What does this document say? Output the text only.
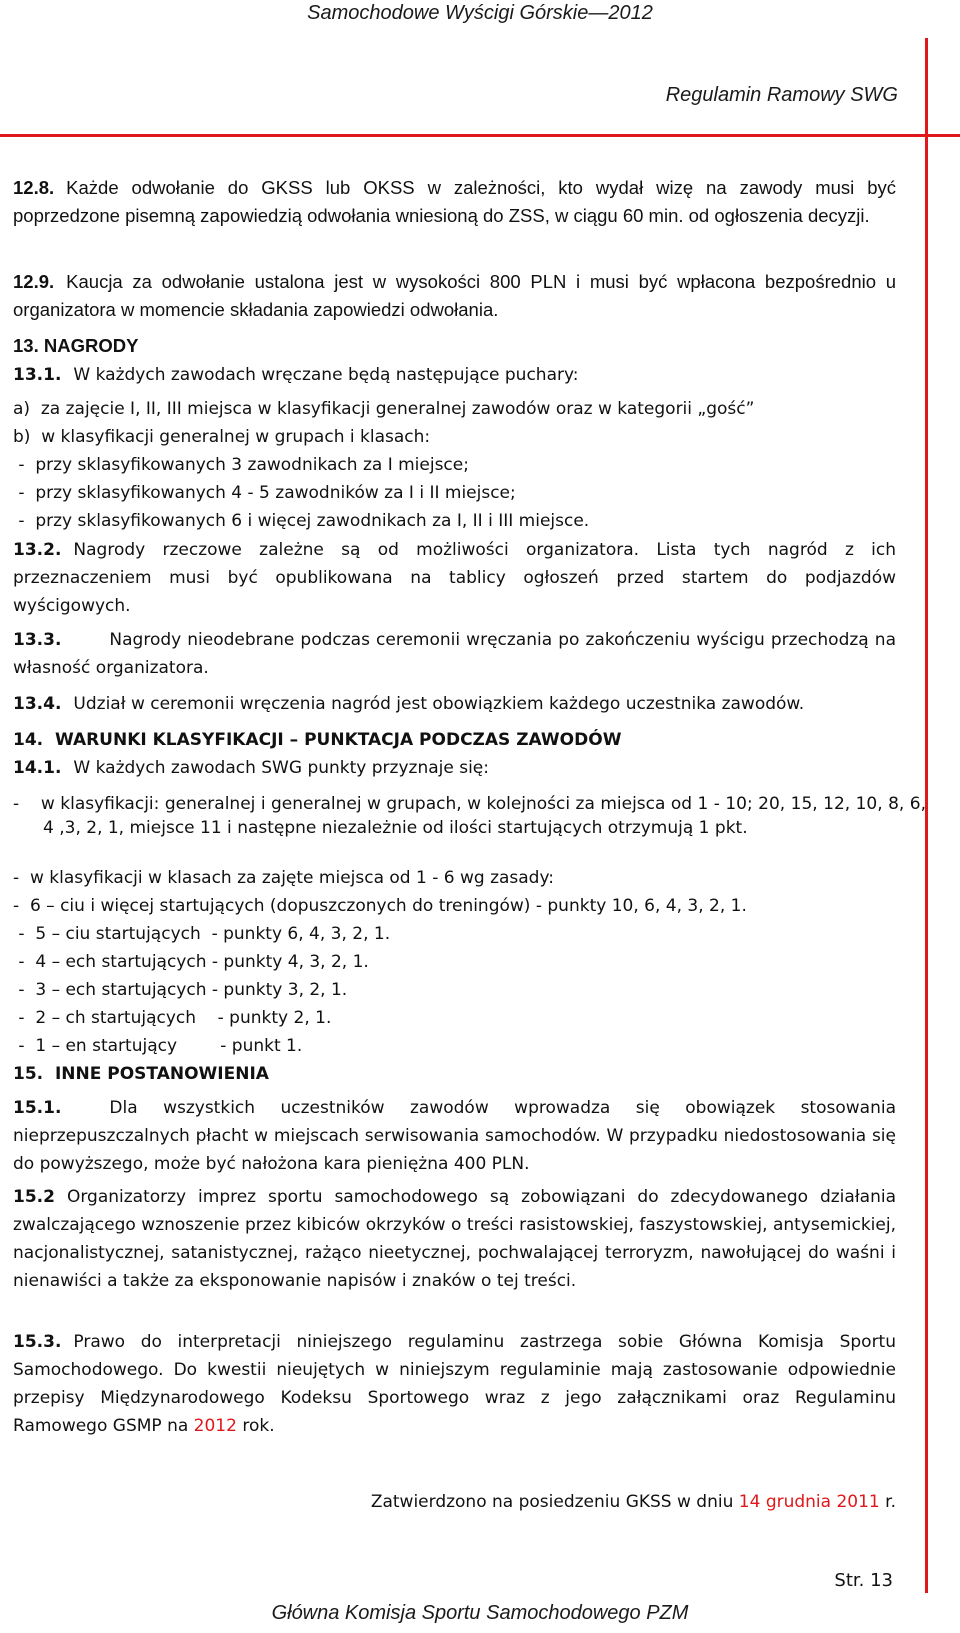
Samochodowe Wyścigi Górskie—2012
Regulamin Ramowy SWG

12.8. Każde odwołanie do GKSS lub OKSS w zależności, kto wydał wizę na zawody musi być poprzedzone pisemną zapowiedzią odwołania wniesioną do ZSS, w ciągu 60 min. od ogłoszenia decyzji.

12.9. Kaucja za odwołanie ustalona jest w wysokości 800 PLN i musi być wpłacona bezpośrednio u organizatora w momencie składania zapowiedzi odwołania.

13. NAGRODY

13.1. W każdych zawodach wręczane będą następujące puchary:

a)  za zajęcie I, II, III miejsca w klasyfikacji generalnej zawodów oraz w kategorii „gość”

b)  w klasyfikacji generalnej w grupach i klasach:

-  przy sklasyfikowanych 3 zawodnikach za I miejsce;

-  przy sklasyfikowanych 4 - 5 zawodników za I i II miejsce;

-  przy sklasyfikowanych 6 i więcej zawodnikach za I, II i III miejsce.

13.2. Nagrody rzeczowe zależne są od możliwości organizatora. Lista tych nagród z ich przeznaczeniem musi być opublikowana na tablicy ogłoszeń przed startem do podjazdów wyścigowych.

13.3.	Nagrody nieodebrane podczas ceremonii wręczania po zakończeniu wyścigu przechodzą na własność organizatora.

13.4. Udział w ceremonii wręczenia nagród jest obowiązkiem każdego uczestnika zawodów.

14.  WARUNKI KLASYFIKACJI – PUNKTACJA PODCZAS ZAWODÓW

14.1. W każdych zawodach SWG punkty przyznaje się:

-    w klasyfikacji: generalnej i generalnej w grupach, w kolejności za miejsca od 1 - 10; 20, 15, 12, 10, 8, 6, 4 ,3, 2, 1, miejsce 11 i następne niezależnie od ilości startujących otrzymują 1 pkt.

-  w klasyfikacji w klasach za zajęte miejsca od 1 - 6 wg zasady:

-  6 – ciu i więcej startujących (dopuszczonych do treningów) - punkty 10, 6, 4, 3, 2, 1.

-  5 – ciu startujących  - punkty 6, 4, 3, 2, 1.

-  4 – ech startujących - punkty 4, 3, 2, 1.

-  3 – ech startujących - punkty 3, 2, 1.

-  2 – ch startujących    - punkty 2, 1.

-  1 – en startujący        - punkt 1.

15.  INNE POSTANOWIENIA

15.1.	Dla wszystkich uczestników zawodów wprowadza się obowiązek stosowania nieprzepuszczalnych płacht w miejscach serwisowania samochodów. W przypadku niedostosowania się do powyższego, może być nałożona kara pieniężna 400 PLN.

15.2 Organizatorzy imprez sportu samochodowego są zobowiązani do zdecydowanego działania zwalczającego wznoszenie przez kibiców okrzyków o treści rasistowskiej, faszystowskiej, antysemickiej, nacjonalistycznej, satanistycznej, rażąco nieetycznej, pochwalającej terroryzm, nawołującej do waśni i nienawiści a także za eksponowanie napisów i znaków o tej treści.

15.3. Prawo do interpretacji niniejszego regulaminu zastrzega sobie Główna Komisja Sportu Samochodowego. Do kwestii nieujętych w niniejszym regulaminie mają zastosowanie odpowiednie przepisy Międzynarodowego Kodeksu Sportowego wraz z jego załącznikami oraz Regulaminu Ramowego GSMP na 2012 rok.

Zatwierdzono na posiedzeniu GKSS w dniu 14 grudnia 2011 r.

Str. 13
Główna Komisja Sportu Samochodowego PZM
